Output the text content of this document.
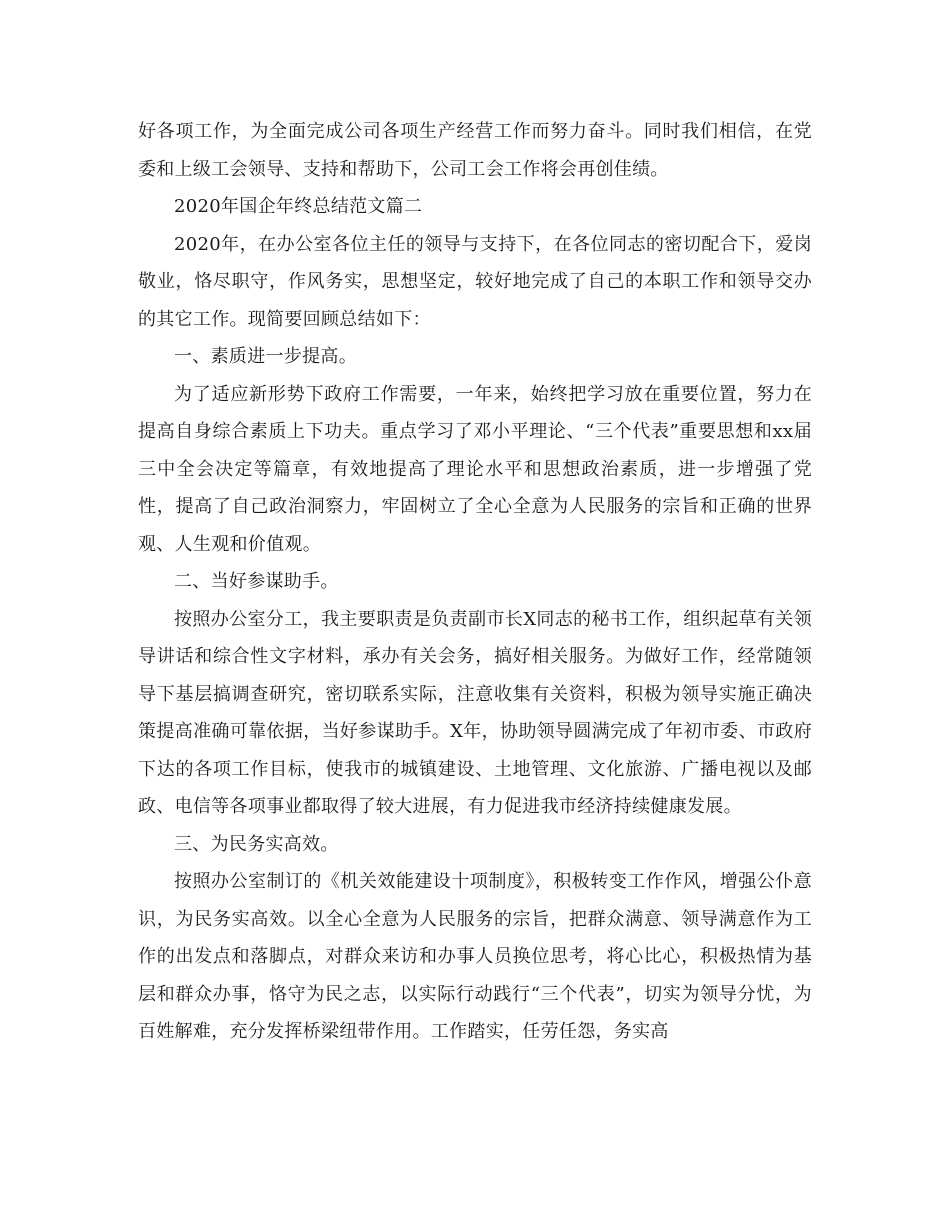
好各项工作，为全面完成公司各项生产经营工作而努力奋斗。同时我们相信，在党委和上级工会领导、支持和帮助下，公司工会工作将会再创佳绩。

2020年国企年终总结范文篇二

2020年，在办公室各位主任的领导与支持下，在各位同志的密切配合下，爱岗敬业，恪尽职守，作风务实，思想坚定，较好地完成了自己的本职工作和领导交办的其它工作。现简要回顾总结如下：

一、素质进一步提高。

为了适应新形势下政府工作需要，一年来，始终把学习放在重要位置，努力在提高自身综合素质上下功夫。重点学习了邓小平理论、“三个代表”重要思想和xx届三中全会决定等篇章，有效地提高了理论水平和思想政治素质，进一步增强了党性，提高了自己政治洞察力，牢固树立了全心全意为人民服务的宗旨和正确的世界观、人生观和价值观。

二、当好参谋助手。

按照办公室分工，我主要职责是负责副市长X同志的秘书工作，组织起草有关领导讲话和综合性文字材料，承办有关会务，搞好相关服务。为做好工作，经常随领导下基层搞调查研究，密切联系实际，注意收集有关资料，积极为领导实施正确决策提高准确可靠依据，当好参谋助手。X年，协助领导圆满完成了年初市委、市政府下达的各项工作目标，使我市的城镇建设、土地管理、文化旅游、广播电视以及邮政、电信等各项事业都取得了较大进展，有力促进我市经济持续健康发展。

三、为民务实高效。

按照办公室制订的《机关效能建设十项制度》，积极转变工作作风，增强公仆意识，为民务实高效。以全心全意为人民服务的宗旨，把群众满意、领导满意作为工作的出发点和落脚点，对群众来访和办事人员换位思考，将心比心，积极热情为基层和群众办事，恪守为民之志，以实际行动践行“三个代表”，切实为领导分忧，为百姓解难，充分发挥桥梁纽带作用。工作踏实，任劳任怨，务实高
